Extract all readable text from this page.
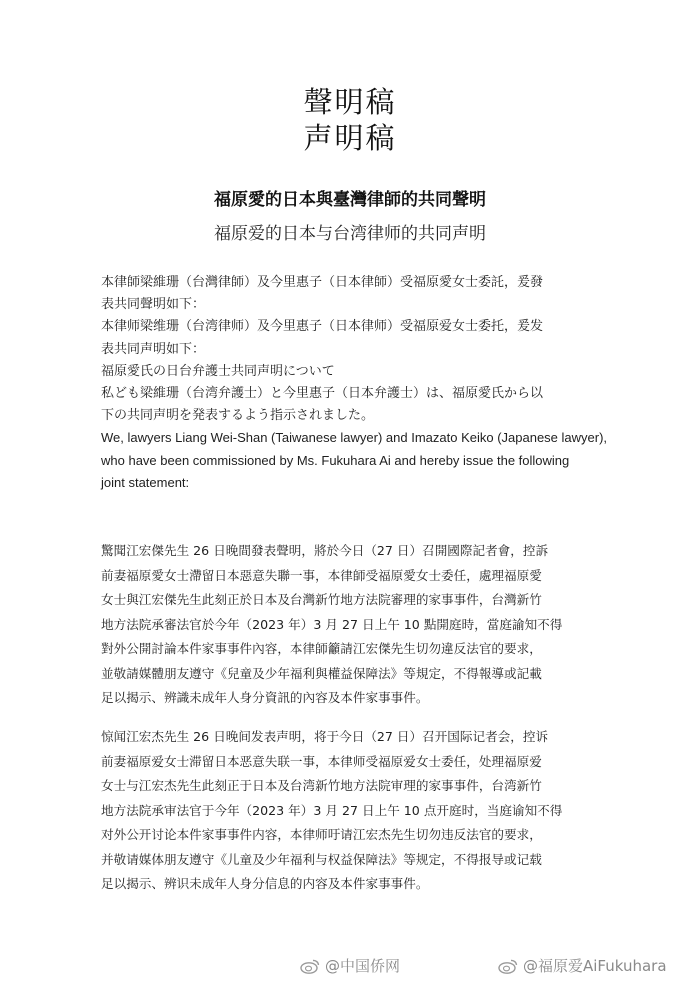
聲明稿
声明稿
福原愛的日本與臺灣律師的共同聲明
福原爱的日本与台湾律师的共同声明
本律師梁維珊（台灣律師）及今里惠子（日本律師）受福原愛女士委託，爰發
表共同聲明如下：
本律师梁维珊（台湾律师）及今里惠子（日本律师）受福原爱女士委托，爰发
表共同声明如下：
福原愛氏の日台弁護士共同声明について
私ども梁維珊（台湾弁護士）と今里惠子（日本弁護士）は、福原愛氏から以
下の共同声明を発表するよう指示されました。
We, lawyers Liang Wei-Shan (Taiwanese lawyer) and Imazato Keiko (Japanese lawyer),
who have been commissioned by Ms. Fukuhara Ai and hereby issue the following
joint statement:
驚聞江宏傑先生 26 日晚間發表聲明，將於今日（27 日）召開國際記者會，控訴
前妻福原愛女士滯留日本惡意失聯一事，本律師受福原愛女士委任，處理福原愛
女士與江宏傑先生此刻正於日本及台灣新竹地方法院審理的家事事件，台灣新竹
地方法院承審法官於今年（2023 年）3 月 27 日上午 10 點開庭時，當庭諭知不得
對外公開討論本件家事事件內容，本律師籲請江宏傑先生切勿違反法官的要求，
並敬請媒體朋友遵守《兒童及少年福利與權益保障法》等規定，不得報導或記載
足以揭示、辨識未成年人身分資訊的內容及本件家事事件。
惊闻江宏杰先生 26 日晚间发表声明，将于今日（27 日）召开国际记者会，控诉
前妻福原爱女士滞留日本恶意失联一事，本律师受福原爱女士委任，处理福原爱
女士与江宏杰先生此刻正于日本及台湾新竹地方法院审理的家事事件，台湾新竹
地方法院承审法官于今年（2023 年）3 月 27 日上午 10 点开庭时，当庭谕知不得
对外公开讨论本件家事事件内容，本律师吁请江宏杰先生切勿违反法官的要求，
并敬请媒体朋友遵守《儿童及少年福利与权益保障法》等规定，不得报导或记载
足以揭示、辨识未成年人身分信息的内容及本件家事事件。
@中国侨网	@福原爱AiFukuhara
